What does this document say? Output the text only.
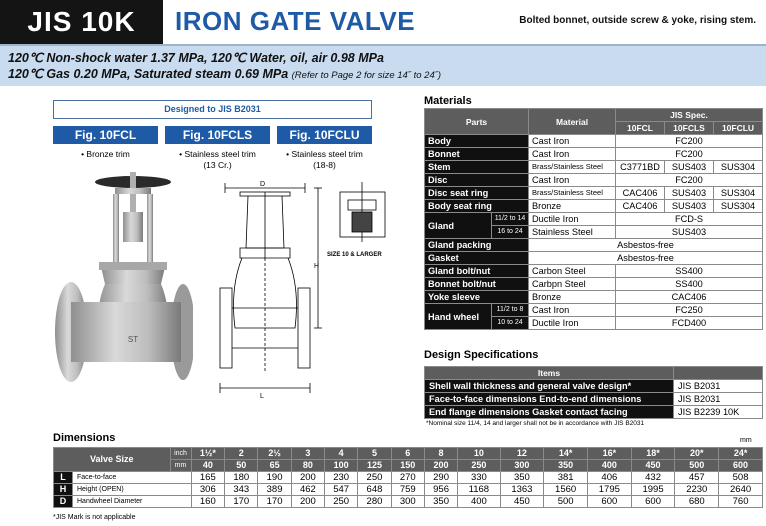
JIS 10K	IRON GATE VALVE	Bolted bonnet, outside screw & yoke, rising stem.
120℃ Non-shock water 1.37 MPa, 120℃ Water, oil, air 0.98 MPa
120℃ Gas 0.20 MPa, Saturated steam 0.69 MPa (Refer to Page 2 for size 14˝ to 24˝)
Designed to JIS B2031
Fig. 10FCL	Fig. 10FCLS	Fig. 10FCLU
• Bronze trim	• Stainless steel trim
(13 Cr.)
• Stainless steel trim
(18-8)
ST
D
H
L
SIZE 10 & LARGER
Materials
Parts		Material	JIS Spec.		
			10FCL	10FCLS	10FCLU
Body		Cast Iron	FC200		
Bonnet		Cast Iron	FC200		
Stem		Brass/Stainless Steel	C3771BD	SUS403	SUS304
Disc		Cast Iron	FC200		
Disc seat ring		Brass/Stainless Steel	CAC406	SUS403	SUS304
Body seat ring		Bronze	CAC406	SUS403	SUS304
Gland	11/2 to 14	Ductile Iron	FCD-S		
	16 to 24	Stainless Steel	SUS403		
Gland packing		Asbestos-free			
Gasket		Asbestos-free			
Gland bolt/nut		Carbon Steel	SS400		
Bonnet bolt/nut		Carbpn Steel	SS400		
Yoke sleeve		Bronze	CAC406		
Hand wheel	11/2 to 8	Cast Iron	FC250		
	10 to 24	Ductile Iron	FCD400		
Design Specifications
Items	
Shell wall thickness and general valve design*	JIS B2031
Face-to-face dimensions End-to-end dimensions	JIS B2031
End flange dimensions Gasket contact facing	JIS B2239 10K
*Nominal size 11/4, 14 and larger shall not be in accordance with JIS B2031
Dimensions	mm
Valve Size		inch	1½*	2	2½	3	4	5	6	8	10	12	14*	16*	18*	20*	24*
		mm	40	50	65	80	100	125	150	200	250	300	350	400	450	500	600
L	Face-to-face		165	180	190	200	230	250	270	290	330	350	381	406	432	457	508
H	Height (OPEN)		306	343	389	462	547	648	759	956	1168	1363	1560	1795	1995	2230	2640
D	Handwheel Diameter		160	170	170	200	250	280	300	350	400	450	500	600	600	680	760
*JIS Mark is not applicable
